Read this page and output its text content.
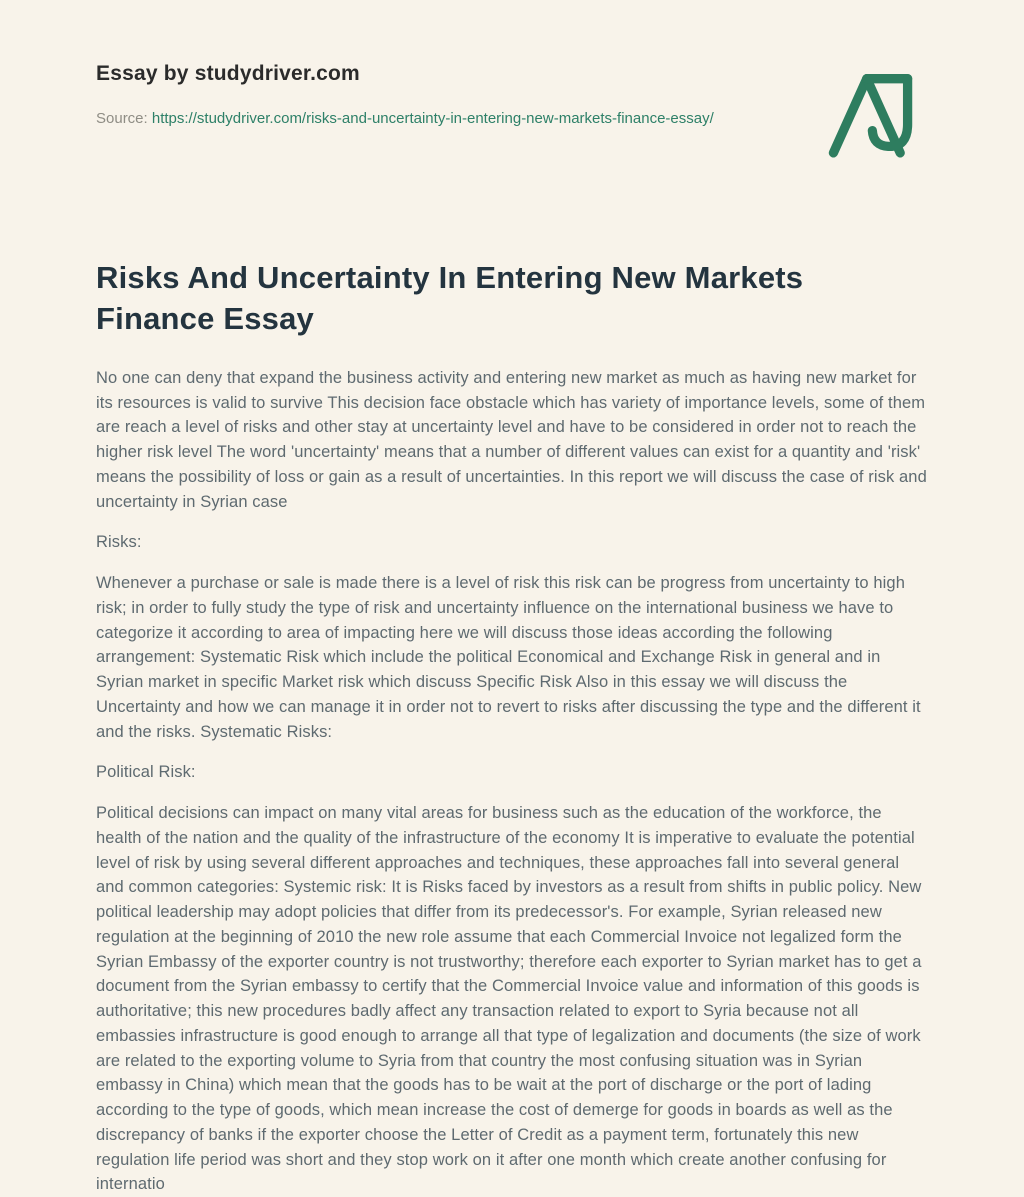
Essay by studydriver.com
Source: https://studydriver.com/risks-and-uncertainty-in-entering-new-markets-finance-essay/
Risks And Uncertainty In Entering New Markets Finance Essay

No one can deny that expand the business activity and entering new market as much as having new market for its resources is valid to survive This decision face obstacle which has variety of importance levels, some of them are reach a level of risks and other stay at uncertainty level and have to be considered in order not to reach the higher risk level The word 'uncertainty' means that a number of different values can exist for a quantity and 'risk' means the possibility of loss or gain as a result of uncertainties. In this report we will discuss the case of risk and uncertainty in Syrian case

Risks:

Whenever a purchase or sale is made there is a level of risk this risk can be progress from uncertainty to high risk; in order to fully study the type of risk and uncertainty influence on the international business we have to categorize it according to area of impacting here we will discuss those ideas according the following arrangement: Systematic Risk which include the political Economical and Exchange Risk in general and in Syrian market in specific Market risk which discuss Specific Risk Also in this essay we will discuss the Uncertainty and how we can manage it in order not to revert to risks after discussing the type and the different it and the risks. Systematic Risks:

Political Risk:

Political decisions can impact on many vital areas for business such as the education of the workforce, the health of the nation and the quality of the infrastructure of the economy It is imperative to evaluate the potential level of risk by using several different approaches and techniques, these approaches fall into several general and common categories: Systemic risk: It is Risks faced by investors as a result from shifts in public policy. New political leadership may adopt policies that differ from its predecessor's. For example, Syrian released new regulation at the beginning of 2010 the new role assume that each Commercial Invoice not legalized form the Syrian Embassy of the exporter country is not trustworthy; therefore each exporter to Syrian market has to get a document from the Syrian embassy to certify that the Commercial Invoice value and information of this goods is authoritative; this new procedures badly affect any transaction related to export to Syria because not all embassies infrastructure is good enough to arrange all that type of legalization and documents (the size of work are related to the exporting volume to Syria from that country the most confusing situation was in Syrian embassy in China) which mean that the goods has to be wait at the port of discharge or the port of lading according to the type of goods, which mean increase the cost of demerge for goods in boards as well as the discrepancy of banks if the exporter choose the Letter of Credit as a payment term, fortunately this new regulation life period was short and they stop work on it after one month which create another confusing for internatio
